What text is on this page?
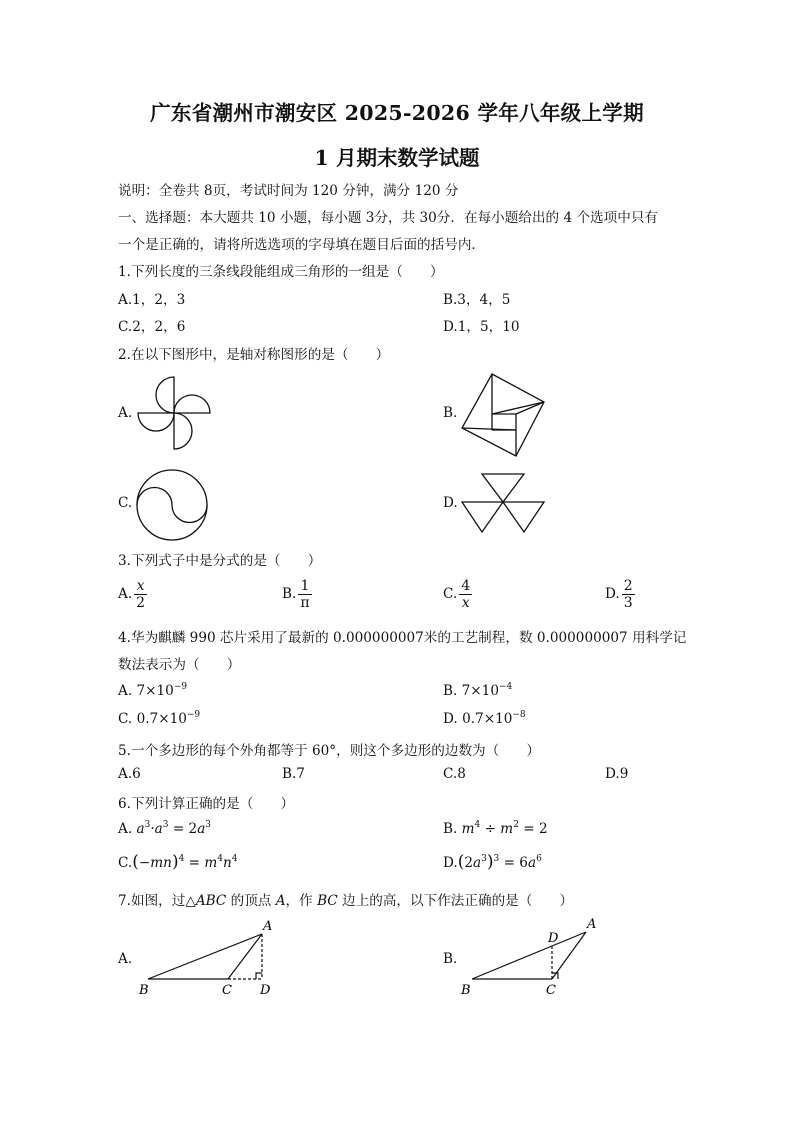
广东省潮州市潮安区 2025-2026 学年八年级上学期
1 月期末数学试题
说明：全卷共 8页，考试时间为 120 分钟，满分 120 分
一、选择题：本大题共 10 小题，每小题 3分，共 30分．在每小题给出的 4 个选项中只有
一个是正确的，请将所选选项的字母填在题目后面的括号内．
1.下列长度的三条线段能组成三角形的一组是（　　）
A.1，2，3	B.3，4，5
C.2，2，6	D.1，5，10
2.在以下图形中，是轴对称图形的是（　　）
A.	B.
C.	D.
3.下列式子中是分式的是（　　）
A. $\frac{x}{2}$	B. $\frac{1}{\pi}$	C. $\frac{4}{x}$	D. $\frac{2}{3}$
4.华为麒麟 990 芯片采用了最新的 0.000000007米的工艺制程，数 0.000000007 用科学记
数法表示为（　　）
A. $7\times 10^{-9}$	B. $7\times 10^{-4}$
C. $0.7\times 10^{-9}$	D. $0.7\times 10^{-8}$
5.一个多边形的每个外角都等于 60°，则这个多边形的边数为（　　）
A.6	B.7	C.8	D.9
6.下列计算正确的是（　　）
A. $a^3\cdot a^3 = 2a^3$	B. $m^4 \div m^2 = 2$
$C.(-mn)^4 = m^4n^4$	$D.(2a^3)^3 = 6a^6$
7.如图，过△ABC 的顶点 A，作 BC 边上的高，以下作法正确的是（　　）
A.
A
B	C D
B.
A
D
B	C
